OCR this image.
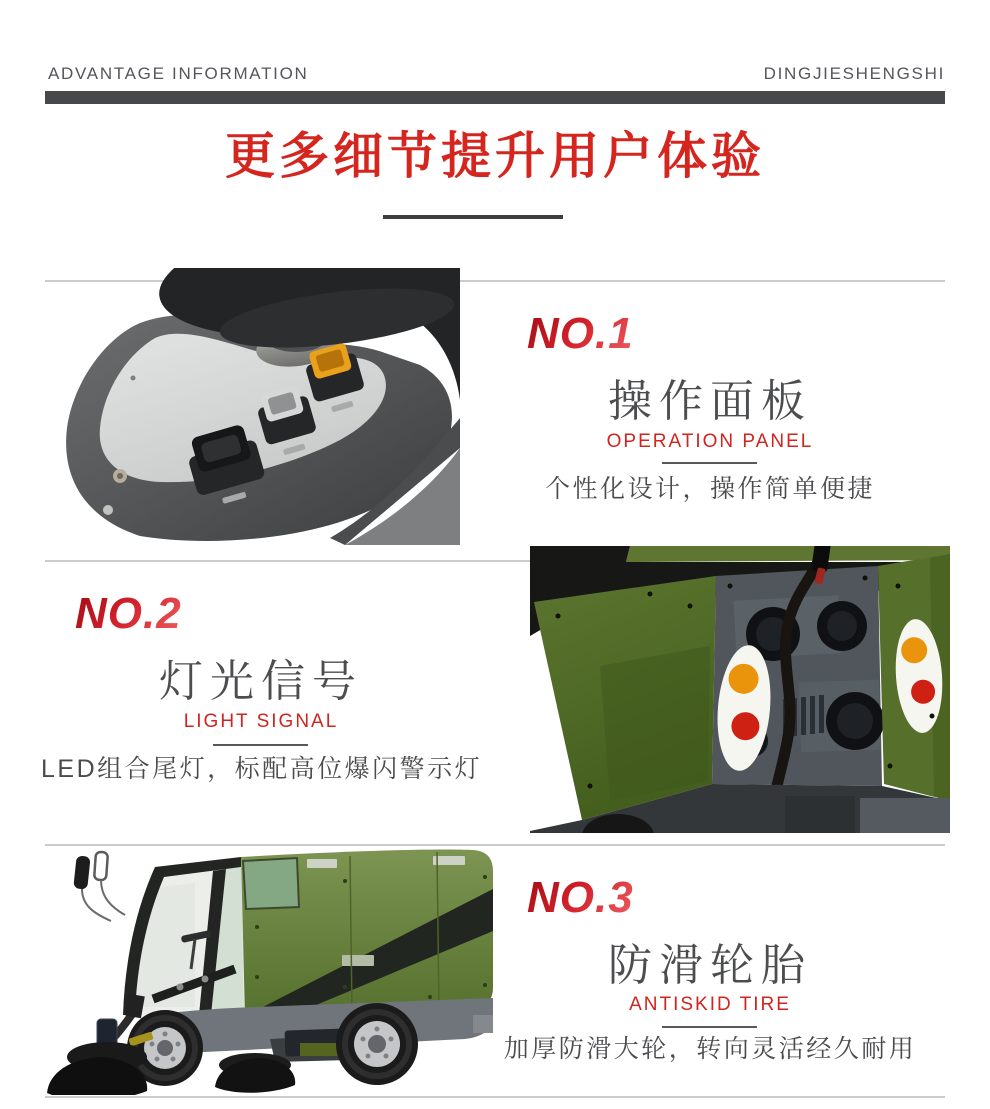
ADVANTAGE INFORMATION	DINGJIESHENGSHI
更多细节提升用户体验
NO.1
操作面板
OPERATION PANEL
个性化设计，操作简单便捷
NO.2
灯光信号
LIGHT SIGNAL
LED组合尾灯，标配高位爆闪警示灯
NO.3
防滑轮胎
ANTISKID TIRE
加厚防滑大轮，转向灵活经久耐用
